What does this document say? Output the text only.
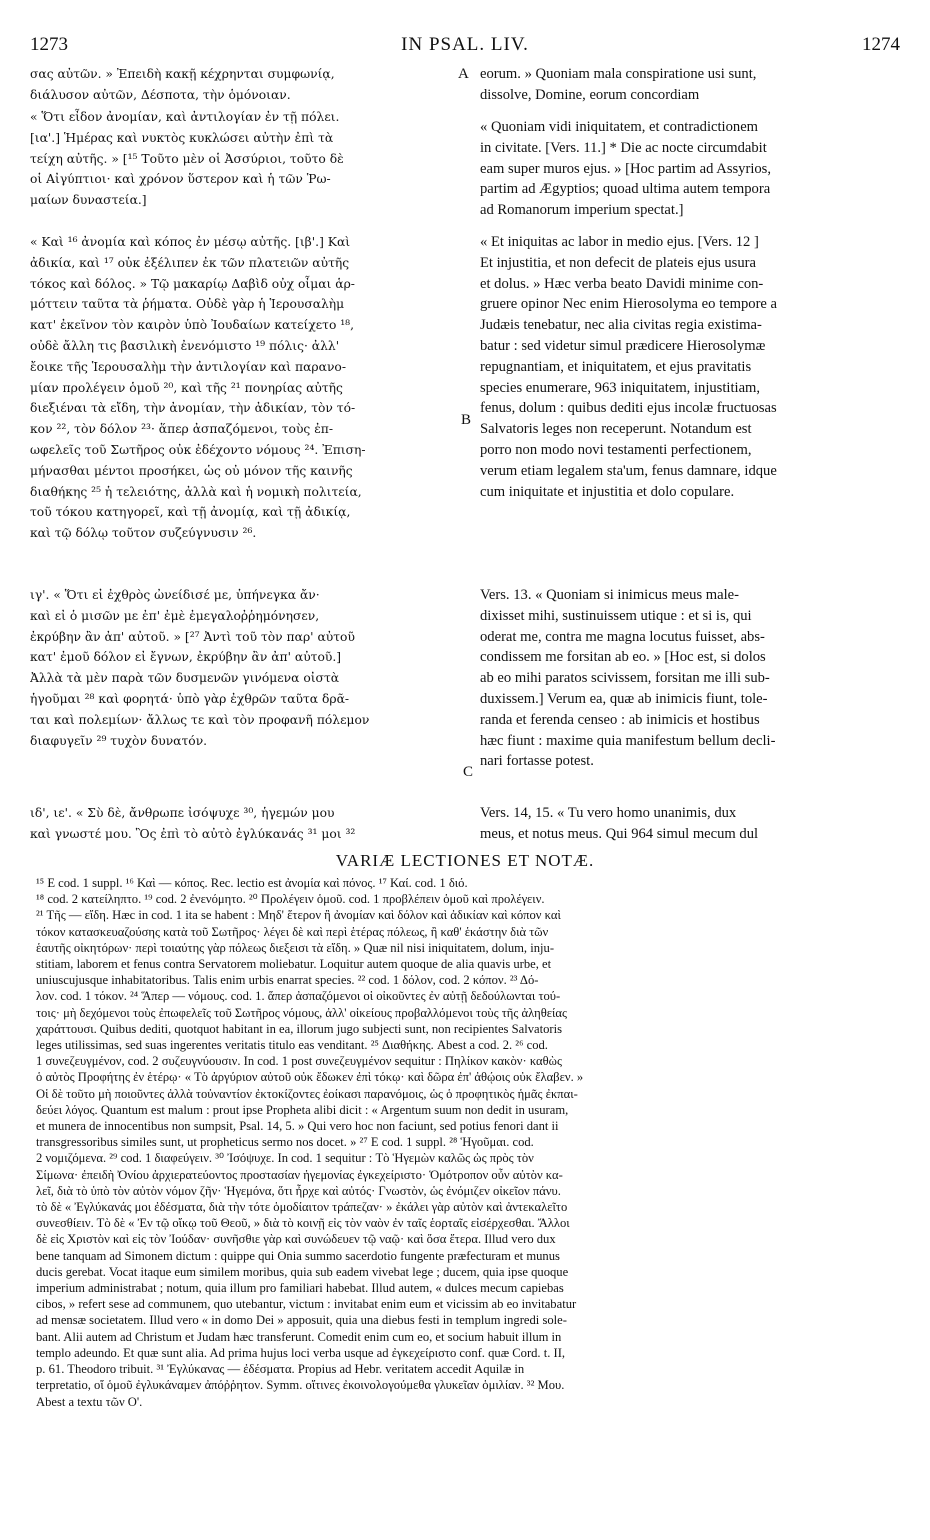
1273	IN PSAL. LIV.	1274
A
B
C
σας αὐτῶν. » Ἐπειδὴ κακῇ κέχρηνται συμφωνίᾳ,
διάλυσον αὐτῶν, Δέσποτα, τὴν ὁμόνοιαν.
« Ὅτι εἶδον ἀνομίαν, καὶ ἀντιλογίαν ἐν τῇ πόλει.
[ια'.] Ἡμέρας καὶ νυκτὸς κυκλώσει αὐτὴν ἐπὶ τὰ
τείχη αὐτῆς. » [¹⁵ Τοῦτο μὲν οἱ Ἀσσύριοι, τοῦτο δὲ
οἱ Αἰγύπτιοι· καὶ χρόνον ὕστερον καὶ ἡ τῶν Ῥω-
μαίων δυναστεία.]
« Καὶ ¹⁶ ἀνομία καὶ κόπος ἐν μέσῳ αὐτῆς. [ιβ'.] Καὶ
ἀδικία, καὶ ¹⁷ οὐκ ἐξέλιπεν ἐκ τῶν πλατειῶν αὐτῆς
τόκος καὶ δόλος. » Τῷ μακαρίῳ Δαβὶδ οὐχ οἶμαι ἁρ-
μόττειν ταῦτα τὰ ῥήματα. Οὐδὲ γὰρ ἡ Ἱερουσαλὴμ
κατ' ἐκεῖνον τὸν καιρὸν ὑπὸ Ἰουδαίων κατείχετο ¹⁸,
οὐδὲ ἄλλη τις βασιλικὴ ἐνενόμιστο ¹⁹ πόλις· ἀλλ'
ἔοικε τῆς Ἱερουσαλὴμ τὴν ἀντιλογίαν καὶ παρανο-
μίαν προλέγειν ὁμοῦ ²⁰, καὶ τῆς ²¹ πονηρίας αὐτῆς
διεξιέναι τὰ εἴδη, τὴν ἀνομίαν, τὴν ἀδικίαν, τὸν τό-
κον ²², τὸν δόλον ²³· ἅπερ ἀσπαζόμενοι, τοὺς ἐπ-
ωφελεῖς τοῦ Σωτῆρος οὐκ ἐδέχοντο νόμους ²⁴. Ἐπιση-
μήνασθαι μέντοι προσήκει, ὡς οὐ μόνον τῆς καινῆς
διαθήκης ²⁵ ἡ τελειότης, ἀλλὰ καὶ ἡ νομικὴ πολιτεία,
τοῦ τόκου κατηγορεῖ, καὶ τῇ ἀνομίᾳ, καὶ τῇ ἀδικίᾳ,
καὶ τῷ δόλῳ τοῦτον συζεύγνυσιν ²⁶.
ιγ'. « Ὅτι εἰ ἐχθρὸς ὠνείδισέ με, ὑπήνεγκα ἄν·
καὶ εἰ ὁ μισῶν με ἐπ' ἐμὲ ἐμεγαλοῤῥημόνησεν,
ἐκρύβην ἂν ἀπ' αὐτοῦ. » [²⁷ Ἀντὶ τοῦ τὸν παρ' αὐτοῦ
κατ' ἐμοῦ δόλον εἰ ἔγνων, ἐκρύβην ἂν ἀπ' αὐτοῦ.]
Ἀλλὰ τὰ μὲν παρὰ τῶν δυσμενῶν γινόμενα οἰστὰ
ἡγοῦμαι ²⁸ καὶ φορητά· ὑπὸ γὰρ ἐχθρῶν ταῦτα δρᾶ-
ται καὶ πολεμίων· ἄλλως τε καὶ τὸν προφανῆ πόλεμον
διαφυγεῖν ²⁹ τυχὸν δυνατόν.
ιδ', ιε'. « Σὺ δὲ, ἄνθρωπε ἰσόψυχε ³⁰, ἡγεμών μου
καὶ γνωστέ μου. Ὃς ἐπὶ τὸ αὐτὸ ἐγλύκανάς ³¹ μοι ³²
eorum. » Quoniam mala conspiratione usi sunt,
dissolve, Domine, eorum concordiam
« Quoniam vidi iniquitatem, et contradictionem
in civitate. [Vers. 11.] * Die ac nocte circumdabit
eam super muros ejus. » [Hoc partim ad Assyrios,
partim ad Ægyptios; quoad ultima autem tempora
ad Romanorum imperium spectat.]
« Et iniquitas ac labor in medio ejus. [Vers. 12 ]
Et injustitia, et non defecit de plateis ejus usura
et dolus. » Hæc verba beato Davidi minime con-
gruere opinor Nec enim Hierosolyma eo tempore a
Judæis tenebatur, nec alia civitas regia existima-
batur : sed videtur simul prædicere Hierosolymæ
repugnantiam, et iniquitatem, et ejus pravitatis
species enumerare, 963 iniquitatem, injustitiam,
fenus, dolum : quibus dediti ejus incolæ fructuosas
Salvatoris leges non receperunt. Notandum est
porro non modo novi testamenti perfectionem,
verum etiam legalem sta'um, fenus damnare, idque
cum iniquitate et injustitia et dolo copulare.
Vers. 13. « Quoniam si inimicus meus male-
dixisset mihi, sustinuissem utique : et si is, qui
oderat me, contra me magna locutus fuisset, abs-
condissem me forsitan ab eo. » [Hoc est, si dolos
ab eo mihi paratos scivissem, forsitan me illi sub-
duxissem.] Verum ea, quæ ab inimicis fiunt, tole-
randa et ferenda censeo : ab inimicis et hostibus
hæc fiunt : maxime quia manifestum bellum decli-
nari fortasse potest.
Vers. 14, 15. « Tu vero homo unanimis, dux
meus, et notus meus. Qui 964 simul mecum dul
VARIÆ LECTIONES ET NOTÆ.
¹⁵ E cod. 1 suppl. ¹⁶ Καὶ — κόπος. Rec. lectio est ἀνομία καὶ πόνος. ¹⁷ Καί. cod. 1 διό.
¹⁸ cod. 2 κατείληπτο. ¹⁹ cod. 2 ἐνενόμητο. ²⁰ Προλέγειν ὁμοῦ. cod. 1 προβλέπειν ὁμοῦ καὶ προλέγειν.
²¹ Τῆς — εἴδη. Hæc in cod. 1 ita se habent : Μηδ' ἕτερον ἢ ἀνομίαν καὶ δόλον καὶ ἀδικίαν καὶ κόπον καὶ
τόκον κατασκευαζούσης κατὰ τοῦ Σωτῆρος· λέγει δὲ καὶ περὶ ἑτέρας πόλεως, ἢ καθ' ἑκάστην διὰ τῶν
ἑαυτῆς οἰκητόρων· περὶ τοιαύτης γὰρ πόλεως διεξεισι τὰ εἴδη. » Quæ nil nisi iniquitatem, dolum, inju-
stitiam, laborem et fenus contra Servatorem moliebatur. Loquitur autem quoque de alia quavis urbe, et
uniuscujusque inhabitatoribus. Talis enim urbis enarrat species. ²² cod. 1 δόλον, cod. 2 κόπον. ²³ Δό-
λον. cod. 1 τόκον. ²⁴ Ἅπερ — νόμους. cod. 1. ἅπερ ἀσπαζόμενοι οἱ οἰκοῦντες ἐν αὐτῇ δεδούλωνται τού-
τοις· μὴ δεχόμενοι τοὺς ἐπωφελεῖς τοῦ Σωτῆρος νόμους, ἀλλ' οἰκείους προβαλλόμενοι τοὺς τῆς ἀληθείας
χαράττουσι. Quibus dediti, quotquot habitant in ea, illorum jugo subjecti sunt, non recipientes Salvatoris
leges utilissimas, sed suas ingerentes veritatis titulo eas venditant. ²⁵ Διαθήκης. Abest a cod. 2. ²⁶ cod.
1 συνεζευγμένον, cod. 2 συζευγνύουσιν. In cod. 1 post συνεζευγμένον sequitur : Πηλίκον κακὸν· καθὼς
ὁ αὐτὸς Προφήτης ἐν ἑτέρῳ· « Τὸ ἀργύριον αὐτοῦ οὐκ ἔδωκεν ἐπὶ τόκῳ· καὶ δῶρα ἐπ' ἀθῴοις οὐκ ἔλαβεν. »
Οἱ δὲ τοῦτο μὴ ποιοῦντες ἀλλὰ τοὐναντίον ἐκτοκίζοντες ἐοίκασι παρανόμοις, ὡς ὁ προφητικὸς ἡμᾶς ἐκπαι-
δεύει λόγος. Quantum est malum : prout ipse Propheta alibi dicit : « Argentum suum non dedit in usuram,
et munera de innocentibus non sumpsit, Psal. 14, 5. » Qui vero hoc non faciunt, sed potius fenori dant ii
transgressoribus similes sunt, ut propheticus sermo nos docet. » ²⁷ E cod. 1 suppl. ²⁸ Ἡγοῦμαι. cod.
2 νομιζόμενα. ²⁹ cod. 1 διαφεύγειν. ³⁰ Ἰσόψυχε. In cod. 1 sequitur : Τὸ Ἡγεμὼν καλῶς ὡς πρὸς τὸν
Σίμωνα· ἐπειδὴ Ὀνίου ἀρχιερατεύοντος προστασίαν ἡγεμονίας ἐγκεχείριστο· Ὁμότροπον οὖν αὐτὸν κα-
λεῖ, διὰ τὸ ὑπὸ τὸν αὐτὸν νόμον ζῆν· Ἡγεμόνα, ὅτι ἦρχε καὶ αὐτός· Γνωστὸν, ὡς ἐνόμιζεν οἰκεῖον πάνυ.
τὸ δὲ « Ἐγλύκανάς μοι ἐδέσματα, διὰ τὴν τότε ὁμοδίαιτον τράπεζαν· » ἐκάλει γὰρ αὐτὸν καὶ ἀντεκαλεῖτο
συνεσθίειν. Τὸ δὲ « Ἐν τῷ οἴκῳ τοῦ Θεοῦ, » διὰ τὸ κοινῇ εἰς τὸν ναὸν ἐν ταῖς ἑορταῖς εἰσέρχεσθαι. Ἄλλοι
δὲ εἰς Χριστὸν καὶ εἰς τὸν Ἰούδαν· συνῆσθιε γὰρ καὶ συνώδευεν τῷ ναῷ· καὶ ὅσα ἕτερα. Illud vero dux
bene tanquam ad Simonem dictum : quippe qui Onia summo sacerdotio fungente præfecturam et munus
ducis gerebat. Vocat itaque eum similem moribus, quia sub eadem vivebat lege ; ducem, quia ipse quoque
imperium administrabat ; notum, quia illum pro familiari habebat. Illud autem, « dulces mecum capiebas
cibos, » refert sese ad communem, quo utebantur, victum : invitabat enim eum et vicissim ab eo invitabatur
ad mensæ societatem. Illud vero « in domo Dei » apposuit, quia una diebus festi in templum ingredi sole-
bant. Alii autem ad Christum et Judam hæc transferunt. Comedit enim cum eo, et socium habuit illum in
templo adeundo. Et quæ sunt alia. Ad prima hujus loci verba usque ad ἐγκεχείριστο conf. quæ Cord. t. II,
p. 61. Theodoro tribuit. ³¹ Ἐγλύκανας — ἐδέσματα. Propius ad Hebr. veritatem accedit Aquilæ in
terpretatio, οἵ ὁμοῦ ἐγλυκάναμεν ἀπόῤῥητον. Symm. οἵτινες ἐκοινολογούμεθα γλυκεῖαν ὁμιλίαν. ³² Μου.
Abest a textu τῶν Ο'.
